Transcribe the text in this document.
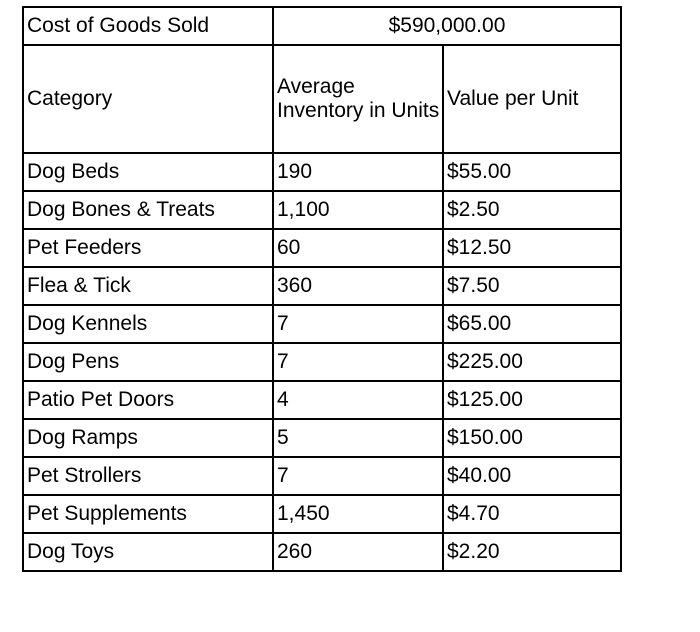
Cost of Goods Sold	$590,000.00	
Category	Average Inventory in Units	Value per Unit
Dog Beds	190	$55.00
Dog Bones & Treats	1,100	$2.50
Pet Feeders	60	$12.50
Flea & Tick	360	$7.50
Dog Kennels	7	$65.00
Dog Pens	7	$225.00
Patio Pet Doors	4	$125.00
Dog Ramps	5	$150.00
Pet Strollers	7	$40.00
Pet Supplements	1,450	$4.70
Dog Toys	260	$2.20
